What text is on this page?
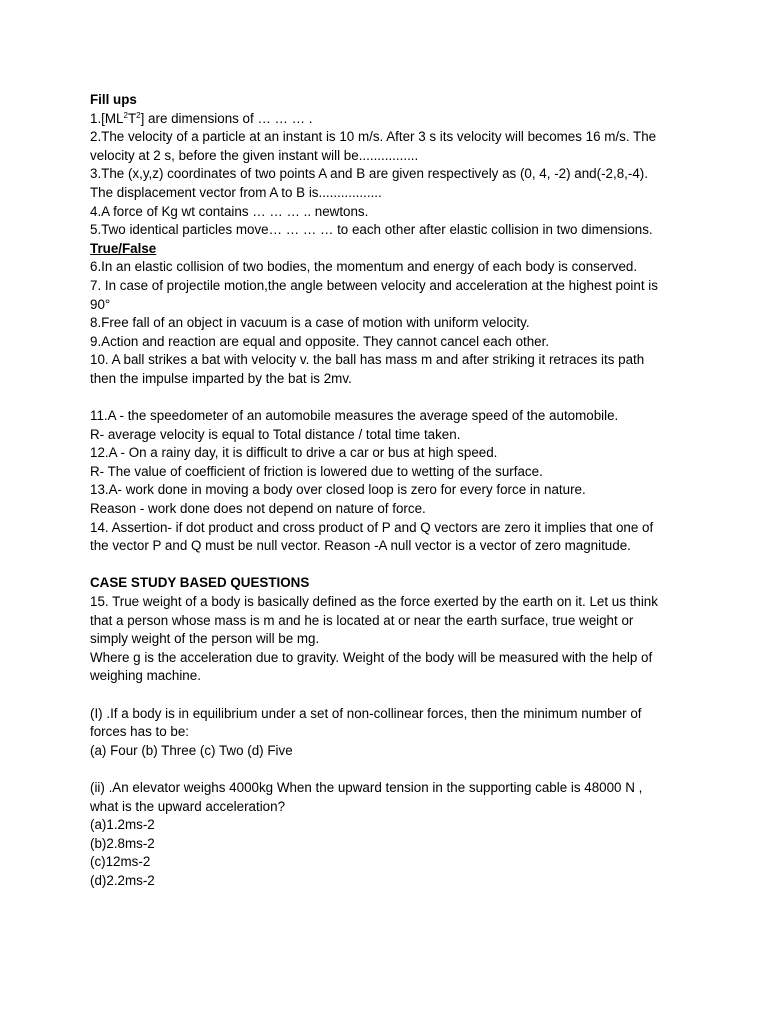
Fill ups
$1.[ML^2T^2]$ are dimensions of … … … .
2.The velocity of a particle at an instant is 10 m/s. After 3 s its velocity will becomes 16 m/s. The
velocity at 2 s, before the given instant will be................
3.The (x,y,z) coordinates of two points A and B are given respectively as (0, 4, -2) and(-2,8,-4).
The displacement vector from A to B is.................
4.A force of Kg wt contains … … … .. newtons.
5.Two identical particles move… … … … to each other after elastic collision in two dimensions.
True/False
6.In an elastic collision of two bodies, the momentum and energy of each body is conserved.
7. In case of projectile motion,the angle between velocity and acceleration at the highest point is
90°
8.Free fall of an object in vacuum is a case of motion with uniform velocity.
9.Action and reaction are equal and opposite. They cannot cancel each other.
10. A ball strikes a bat with velocity v. the ball has mass m and after striking it retraces its path
then the impulse imparted by the bat is 2mv.
11.A - the speedometer of an automobile measures the average speed of the automobile.
R- average velocity is equal to Total distance / total time taken.
12.A - On a rainy day, it is difficult to drive a car or bus at high speed.
R- The value of coefficient of friction is lowered due to wetting of the surface.
13.A- work done in moving a body over closed loop is zero for every force in nature.
Reason - work done does not depend on nature of force.
14. Assertion- if dot product and cross product of P and Q vectors are zero it implies that one of
the vector P and Q must be null vector. Reason -A null vector is a vector of zero magnitude.
CASE STUDY BASED QUESTIONS
15. True weight of a body is basically defined as the force exerted by the earth on it. Let us think
that a person whose mass is m and he is located at or near the earth surface, true weight or
simply weight of the person will be mg.
Where g is the acceleration due to gravity. Weight of the body will be measured with the help of
weighing machine.
(I) .If a body is in equilibrium under a set of non-collinear forces, then the minimum number of
forces has to be:
(a) Four (b) Three (c) Two (d) Five
(ii) .An elevator weighs 4000kg When the upward tension in the supporting cable is 48000 N ,
what is the upward acceleration?
(a)1.2ms-2
(b)2.8ms-2
(c)12ms-2
(d)2.2ms-2
